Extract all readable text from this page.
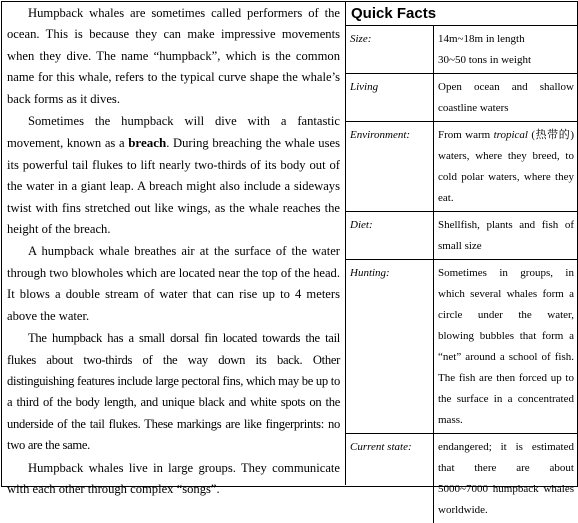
Humpback whales are sometimes called performers of the ocean. This is because they can make impressive movements when they dive. The name “humpback”, which is the common name for this whale, refers to the typical curve shape the whale’s back forms as it dives.

Sometimes the humpback will dive with a fantastic movement, known as a breach. During breaching the whale uses its powerful tail flukes to lift nearly two-thirds of its body out of the water in a giant leap. A breach might also include a sideways twist with fins stretched out like wings, as the whale reaches the height of the breach.

A humpback whale breathes air at the surface of the water through two blowholes which are located near the top of the head. It blows a double stream of water that can rise up to 4 meters above the water.

The humpback has a small dorsal fin located towards the tail flukes about two-thirds of the way down its back. Other distinguishing features include large pectoral fins, which may be up to a third of the body length, and unique black and white spots on the underside of the tail flukes. These markings are like fingerprints: no two are the same.

Humpback whales live in large groups. They communicate with each other through complex “songs”.

Quick Facts
Size:	14m~18m in length
30~50 tons in weight
Living	Open ocean and shallow coastline waters
Environment:	From warm tropical (热带的) waters, where they breed, to cold polar waters, where they eat.
Diet:	Shellfish, plants and fish of small size
Hunting:	Sometimes in groups, in which several whales form a circle under the water, blowing bubbles that form a “net” around a school of fish. The fish are then forced up to the surface in a concentrated mass.
Current state:	endangered; it is estimated that there are about 5000~7000 humpback whales worldwide.
